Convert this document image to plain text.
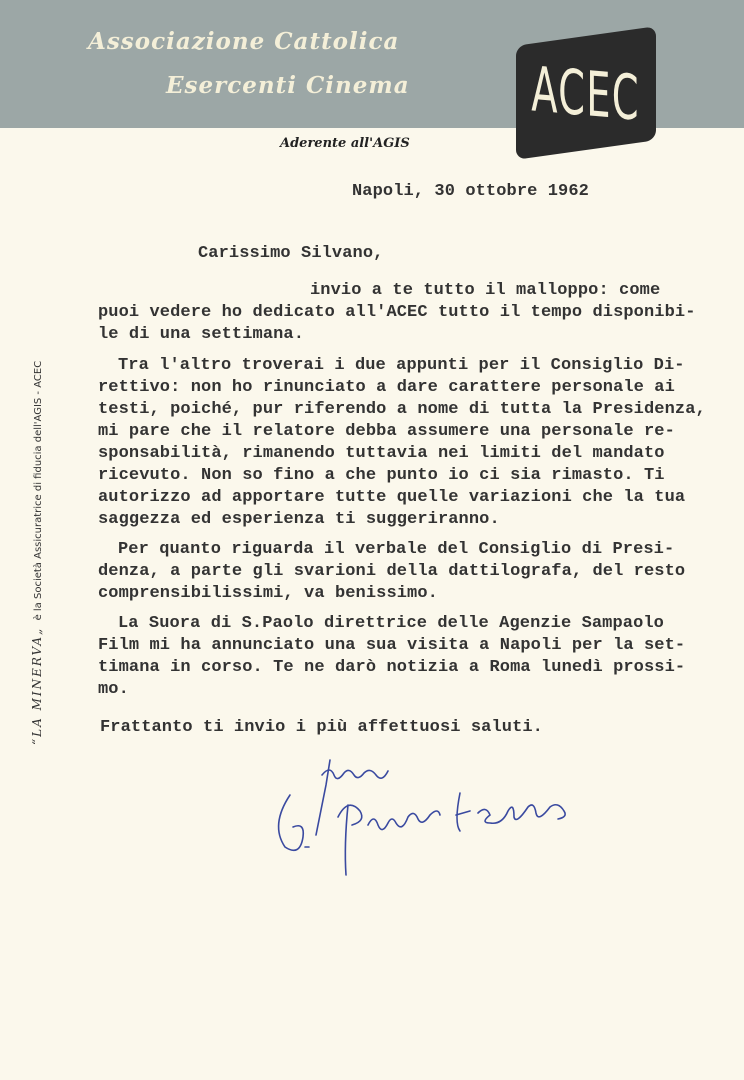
Associazione Cattolica
Esercenti Cinema ACEC
Aderente all'AGIS
“LA MINERVA„  è la Società Assicuratrice di fiducia dell'AGIS - ACEC
Napoli, 30 ottobre 1962
Carissimo Silvano,
invio a te tutto il malloppo: come
puoi vedere ho dedicato all'ACEC tutto il tempo disponibi-
le di una settimana.
Tra l'altro troverai i due appunti per il Consiglio Di-
rettivo: non ho rinunciato a dare carattere personale ai
testi, poiché, pur riferendo a nome di tutta la Presidenza,
mi pare che il relatore debba assumere una personale re-
sponsabilità, rimanendo tuttavia nei limiti del mandato
ricevuto. Non so fino a che punto io ci sia rimasto. Ti
autorizzo ad apportare tutte quelle variazioni che la tua
saggezza ed esperienza ti suggeriranno.
Per quanto riguarda il verbale del Consiglio di Presi-
denza, a parte gli svarioni della dattilografa, del resto
comprensibilissimi, va benissimo.
La Suora di S.Paolo direttrice delle Agenzie Sampaolo
Film mi ha annunciato una sua visita a Napoli per la set-
timana in corso. Te ne darò notizia a Roma lunedì prossi-
mo.
Frattanto ti invio i più affettuosi saluti.
